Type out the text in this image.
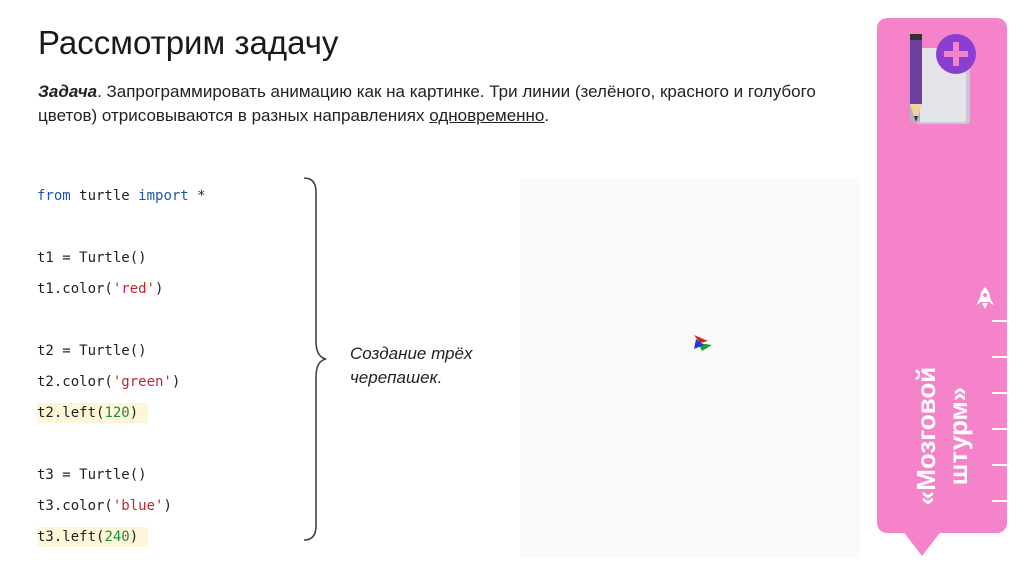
Рассмотрим задачу
Задача. Запрограммировать анимацию как на картинке. Три линии (зелёного, красного и голубого цветов) отрисовываются в разных направлениях одновременно.
from turtle import *
t1 = Turtle()
t1.color('red')
t2 = Turtle()
t2.color('green')
t2.left(120)
t3 = Turtle()
t3.color('blue')
t3.left(240)
Создание трёх
черепашек.	«Мозговой штурм»
